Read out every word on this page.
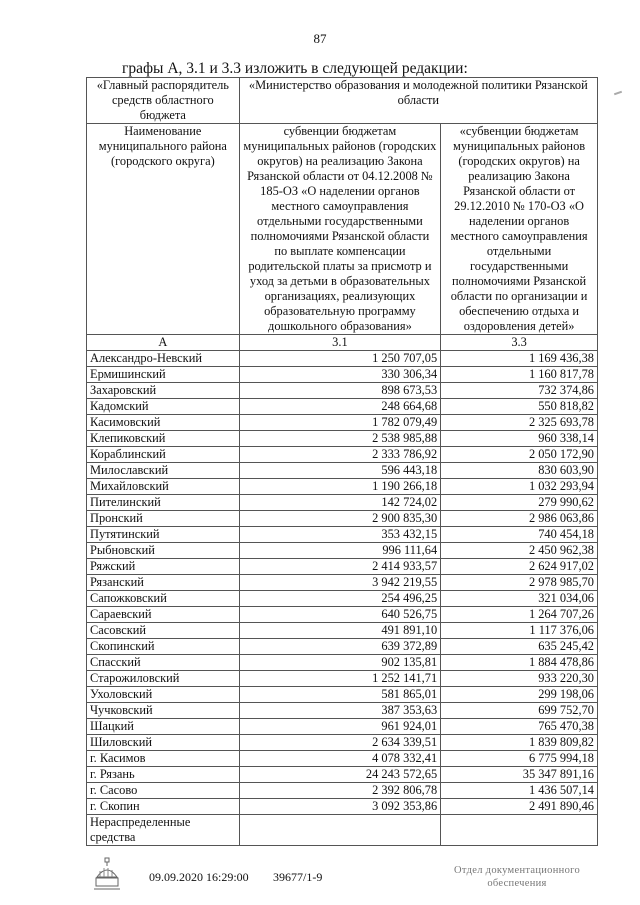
87
графы А, 3.1 и 3.3 изложить в следующей редакции:
«Главный распорядитель средств областного бюджета	«Министерство образования и молодежной политики Рязанской области	
Наименование муниципального района (городского округа)	субвенции бюджетам муниципальных районов (городских округов) на реализацию Закона Рязанской области от 04.12.2008 № 185-ОЗ «О наделении органов местного самоуправления отдельными государственными полномочиями Рязанской области по выплате компенсации родительской платы за присмотр и уход за детьми в образовательных организациях, реализующих образовательную программу дошкольного образования»	«субвенции бюджетам муниципальных районов (городских округов) на реализацию Закона Рязанской области от 29.12.2010 № 170-ОЗ «О наделении органов местного самоуправления отдельными государственными полномочиями Рязанской области по организации и обеспечению отдыха и оздоровления детей»
А	3.1	3.3
Александро-Невский	1 250 707,05	1 169 436,38
Ермишинский	330 306,34	1 160 817,78
Захаровский	898 673,53	732 374,86
Кадомский	248 664,68	550 818,82
Касимовский	1 782 079,49	2 325 693,78
Клепиковский	2 538 985,88	960 338,14
Кораблинский	2 333 786,92	2 050 172,90
Милославский	596 443,18	830 603,90
Михайловский	1 190 266,18	1 032 293,94
Пителинский	142 724,02	279 990,62
Пронский	2 900 835,30	2 986 063,86
Путятинский	353 432,15	740 454,18
Рыбновский	996 111,64	2 450 962,38
Ряжский	2 414 933,57	2 624 917,02
Рязанский	3 942 219,55	2 978 985,70
Сапожковский	254 496,25	321 034,06
Сараевский	640 526,75	1 264 707,26
Сасовский	491 891,10	1 117 376,06
Скопинский	639 372,89	635 245,42
Спасский	902 135,81	1 884 478,86
Старожиловский	1 252 141,71	933 220,30
Ухоловский	581 865,01	299 198,06
Чучковский	387 353,63	699 752,70
Шацкий	961 924,01	765 470,38
Шиловский	2 634 339,51	1 839 809,82
г. Касимов	4 078 332,41	6 775 994,18
г. Рязань	24 243 572,65	35 347 891,16
г. Сасово	2 392 806,78	1 436 507,14
г. Скопин	3 092 353,86	2 491 890,46
Нераспределенные средства		
09.09.2020 16:29:00 39677/1-9	Отдел документационного обеспечения
